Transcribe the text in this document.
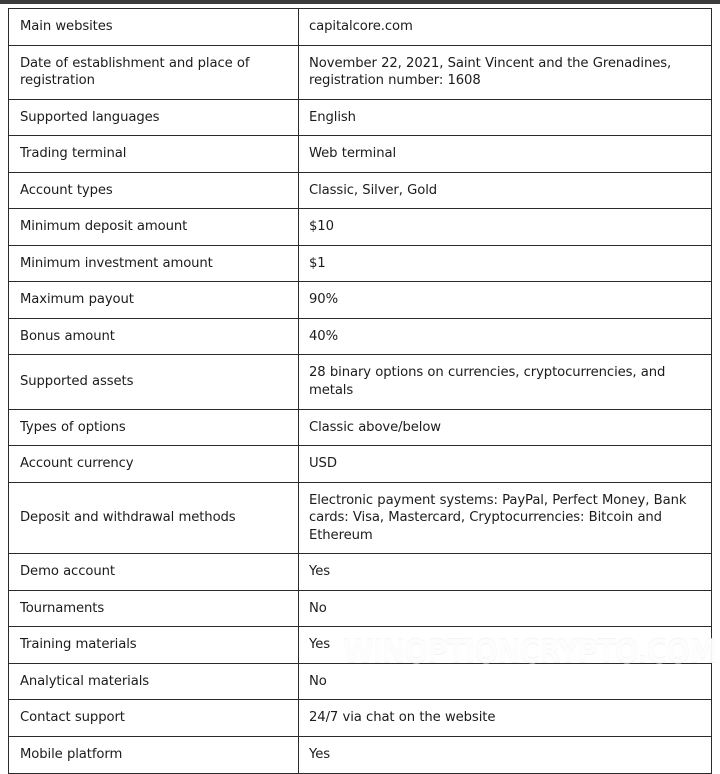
Main websites	capitalcore.com
Date of establishment and place of registration	November 22, 2021, Saint Vincent and the Grenadines, registration number: 1608
Supported languages	English
Trading terminal	Web terminal
Account types	Classic, Silver, Gold
Minimum deposit amount	$10
Minimum investment amount	$1
Maximum payout	90%
Bonus amount	40%
Supported assets	28 binary options on currencies, cryptocurrencies, and metals
Types of options	Classic above/below
Account currency	USD
Deposit and withdrawal methods	Electronic payment systems: PayPal, Perfect Money, Bank cards: Visa, Mastercard, Cryptocurrencies: Bitcoin and Ethereum
Demo account	Yes
Tournaments	No
Training materials	Yes
Analytical materials	No
Contact support	24/7 via chat on the website
Mobile platform	Yes
WINOPTIONCRYPTO.COM
